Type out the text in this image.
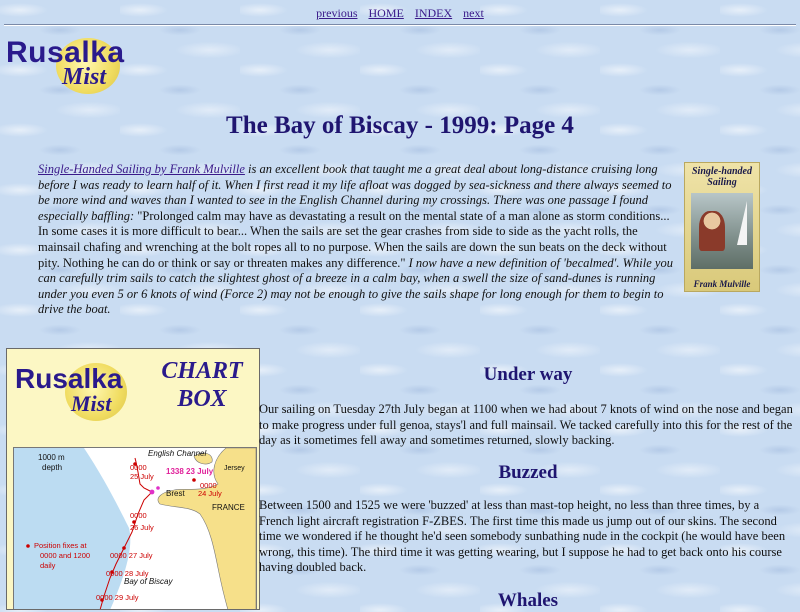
previous HOME INDEX next
Rusalka
Mist
The Bay of Biscay - 1999: Page 4
Single-Handed Sailing by Frank Mulville is an excellent book that taught me a great deal about long-distance cruising long before I was ready to learn half of it. When I first read it my life afloat was dogged by sea-sickness and there always seemed to be more wind and waves than I wanted to see in the English Channel during my crossings. There was one passage I found especially baffling: "Prolonged calm may have as devastating a result on the mental state of a man alone as storm conditions... In some cases it is more difficult to bear... When the sails are set the gear crashes from side to side as the yacht rolls, the mainsail chafing and wrenching at the bolt ropes all to no purpose. When the sails are down the sun beats on the deck without pity. Nothing he can do or think or say or threaten makes any difference." I now have a new definition of 'becalmed'. While you can carefully trim sails to catch the slightest ghost of a breeze in a calm bay, when a swell the size of sand-dunes is running under you even 5 or 6 knots of wind (Force 2) may not be enough to give the sails shape for long enough for them to begin to drive the boat.
Single-handed Sailing
Frank Mulville
Rusalka
Mist
CHART
BOX
1000 m
depth
English Channel
Jersey
Brest
FRANCE
Bay of Biscay
Position fixes at
0000 and 1200
daily
0000
25 July
1338 23 July
0000
24 July
0000
26 July
0000 27 July
0000 28 July
0000 29 July
Under way
Our sailing on Tuesday 27th July began at 1100 when we had about 7 knots of wind on the nose and began to make progress under full genoa, stays'l and full mainsail. We tacked carefully into this for the rest of the day as it sometimes fell away and sometimes returned, slowly backing.
Buzzed
Between 1500 and 1525 we were 'buzzed' at less than mast-top height, no less than three times, by a French light aircraft registration F-ZBES. The first time this made us jump out of our skins. The second time we wondered if he thought he'd seen somebody sunbathing nude in the cockpit (he would have been wrong, this time). The third time it was getting wearing, but I suppose he had to get back onto his course having doubled back.
Whales
